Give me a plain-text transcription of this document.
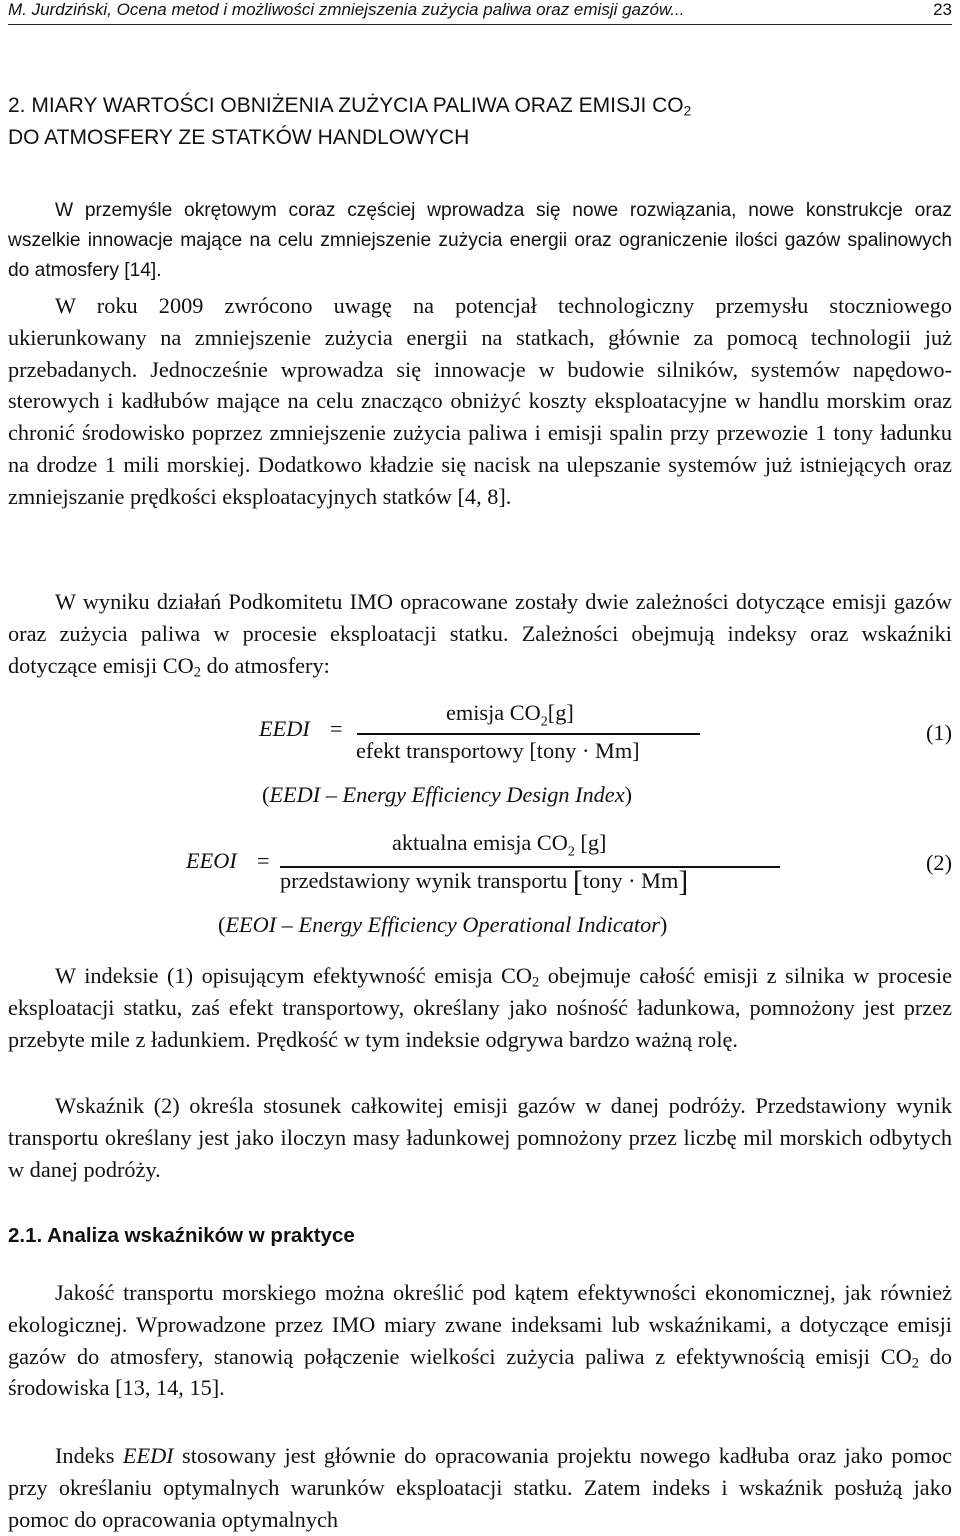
M. Jurdziński, Ocena metod i możliwości zmniejszenia zużycia paliwa oraz emisji gazów...	23
2. MIARY WARTOŚCI OBNIŻENIA ZUŻYCIA PALIWA ORAZ EMISJI $CO_2$
DO ATMOSFERY ZE STATKÓW HANDLOWYCH
W przemyśle okrętowym coraz częściej wprowadza się nowe rozwiązania, nowe konstrukcje oraz wszelkie innowacje mające na celu zmniejszenie zużycia energii oraz ograniczenie ilości gazów spalinowych do atmosfery [14].
W roku 2009 zwrócono uwagę na potencjał technologiczny przemysłu stoczniowego ukierunkowany na zmniejszenie zużycia energii na statkach, głównie za pomocą technologii już przebadanych. Jednocześnie wprowadza się innowacje w budowie silników, systemów napędowo-sterowych i kadłubów mające na celu znacząco obniżyć koszty eksploatacyjne w handlu morskim oraz chronić środowisko poprzez zmniejszenie zużycia paliwa i emisji spalin przy przewozie 1 tony ładunku na drodze 1 mili morskiej. Dodatkowo kładzie się nacisk na ulepszanie systemów już istniejących oraz zmniejszanie prędkości eksploatacyjnych statków [4, 8].
W wyniku działań Podkomitetu IMO opracowane zostały dwie zależności dotyczące emisji gazów oraz zużycia paliwa w procesie eksploatacji statku. Zależności obejmują indeksy oraz wskaźniki dotyczące emisji $CO_2$ do atmosfery:
EEDI =
emisja $CO_2[g]$
efekt transportowy [tony · Mm]
(1)
(EEDI – Energy Efficiency Design Index)
EEOI =
aktualna emisja $CO_2$ [g]
przedstawiony wynik transportu [tony · Mm]
(2)
(EEOI – Energy Efficiency Operational Indicator)
W indeksie (1) opisującym efektywność emisja $CO_2$ obejmuje całość emisji z silnika w procesie eksploatacji statku, zaś efekt transportowy, określany jako nośność ładunkowa, pomnożony jest przez przebyte mile z ładunkiem. Prędkość w tym indeksie odgrywa bardzo ważną rolę.
Wskaźnik (2) określa stosunek całkowitej emisji gazów w danej podróży. Przedstawiony wynik transportu określany jest jako iloczyn masy ładunkowej pomnożony przez liczbę mil morskich odbytych w danej podróży.
2.1. Analiza wskaźników w praktyce
Jakość transportu morskiego można określić pod kątem efektywności ekonomicznej, jak również ekologicznej. Wprowadzone przez IMO miary zwane indeksami lub wskaźnikami, a dotyczące emisji gazów do atmosfery, stanowią połączenie wielkości zużycia paliwa z efektywnością emisji $CO_2$ do środowiska [13, 14, 15].
Indeks EEDI stosowany jest głównie do opracowania projektu nowego kadłuba oraz jako pomoc przy określaniu optymalnych warunków eksploatacji statku. Zatem indeks i wskaźnik posłużą jako pomoc do opracowania optymalnych
